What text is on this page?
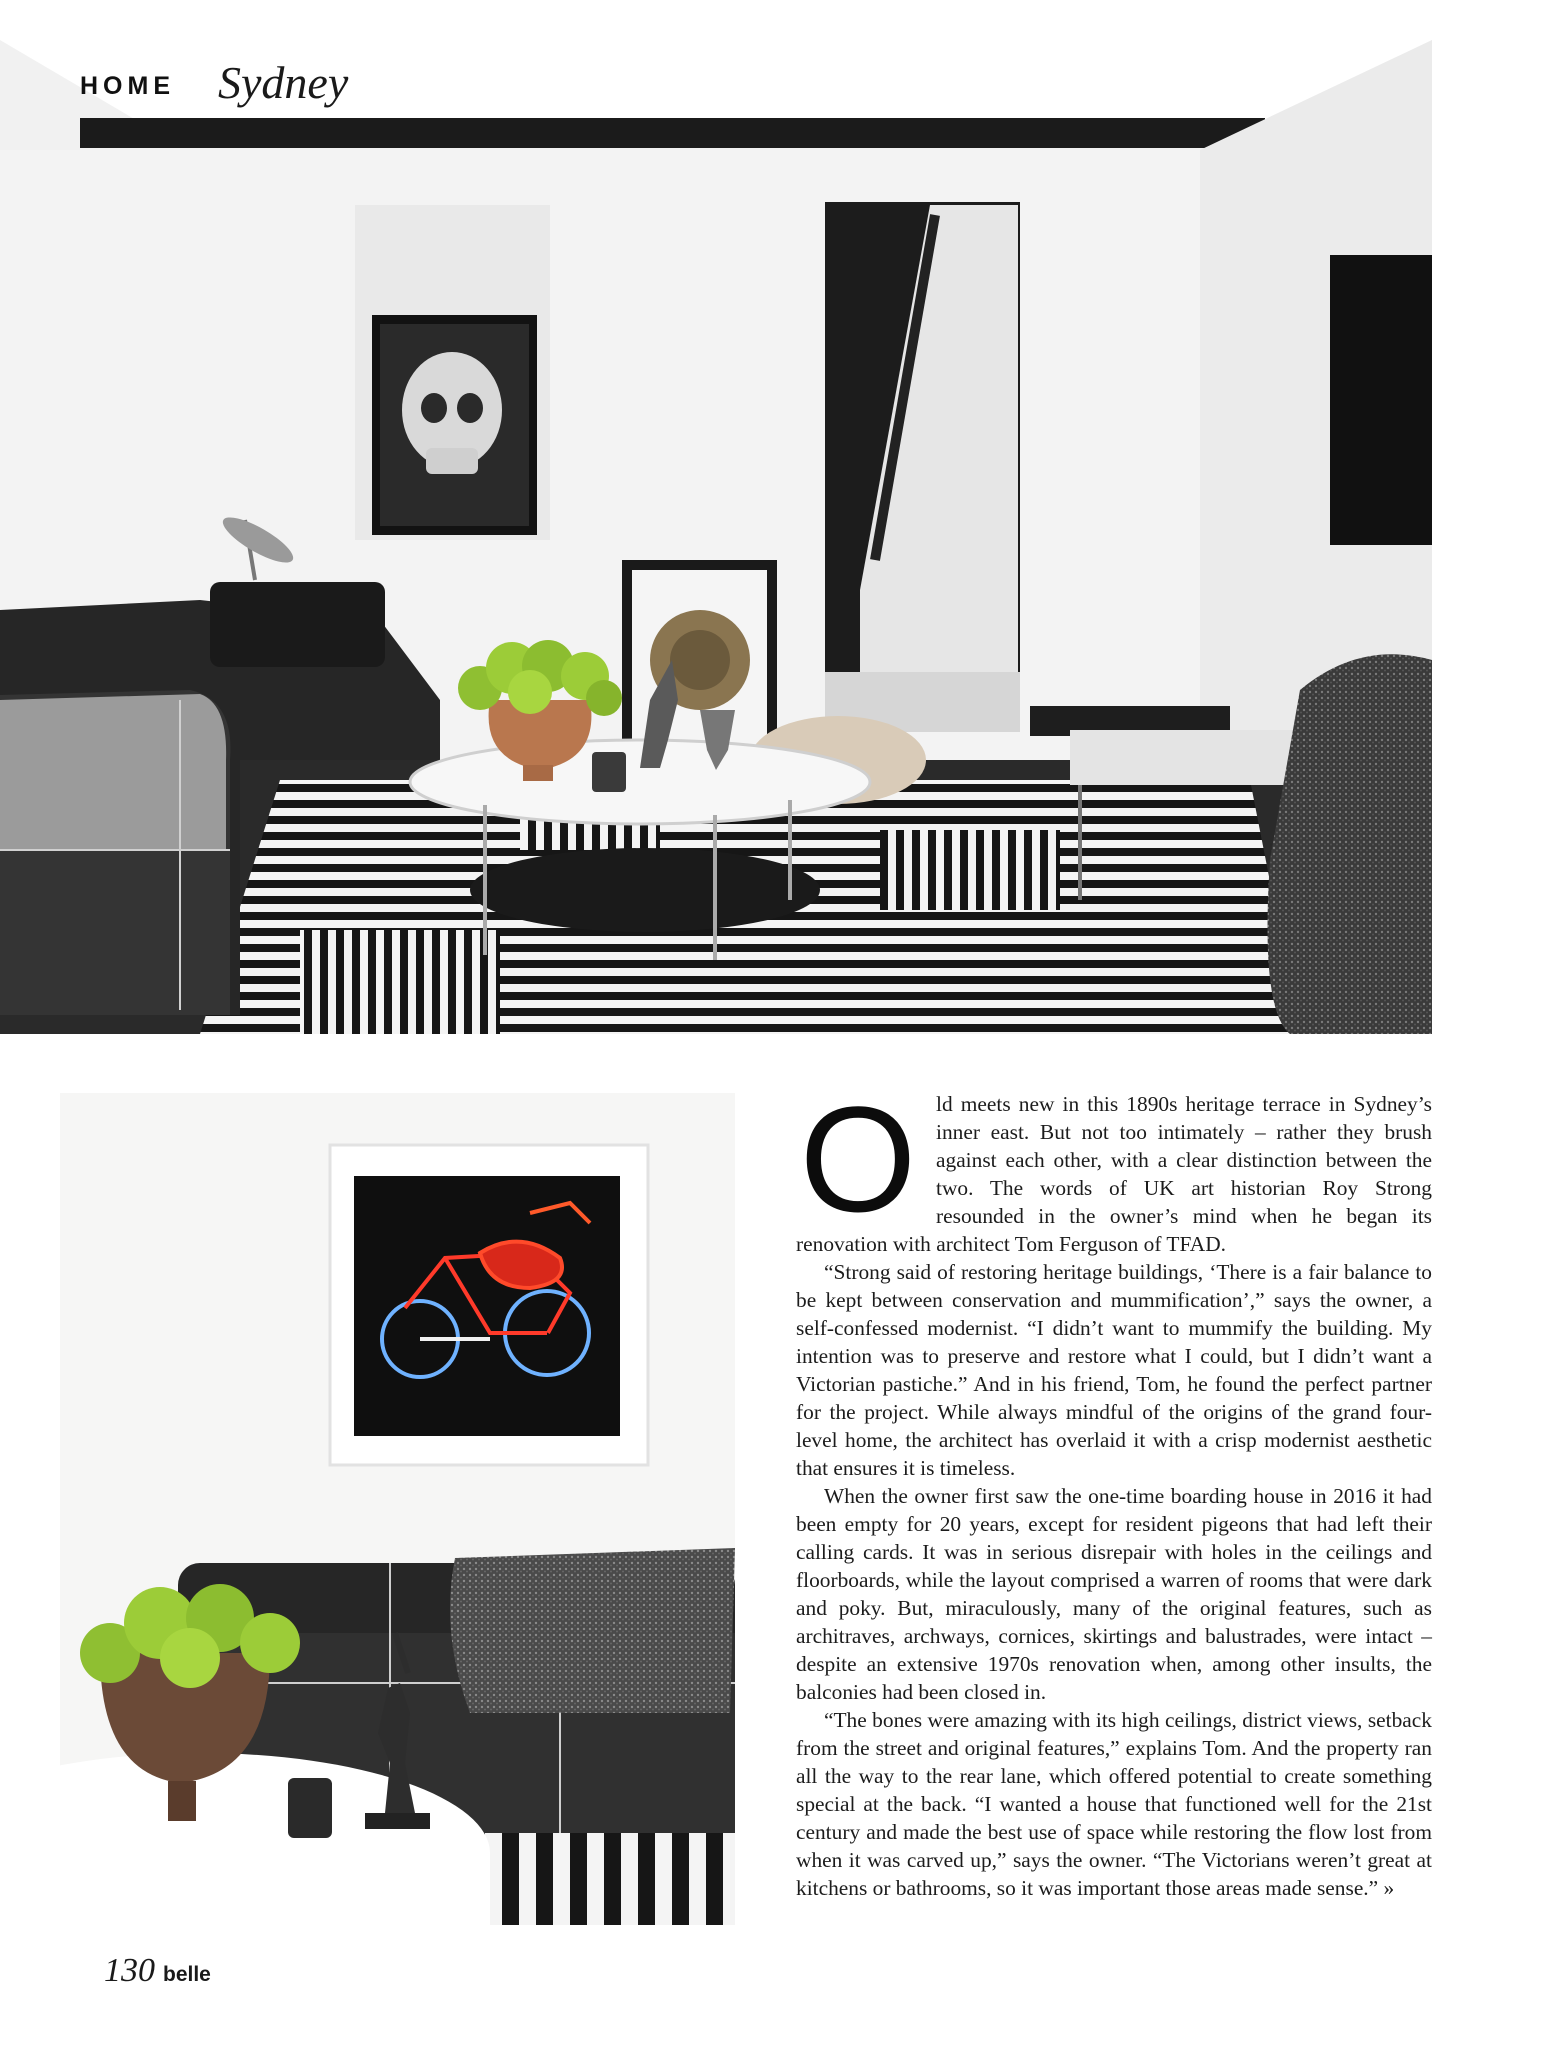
HOME Sydney

O ld meets new in this 1890s heritage terrace in Sydney’s inner east. But not too intimately – rather they brush against each other, with a clear distinction between the two. The words of UK art historian Roy Strong resounded in the owner’s mind when he began its renovation with architect Tom Ferguson of TFAD.

“Strong said of restoring heritage buildings, ‘There is a fair balance to be kept between conservation and mummification’,” says the owner, a self-confessed modernist. “I didn’t want to mummify the building. My intention was to preserve and restore what I could, but I didn’t want a Victorian pastiche.” And in his friend, Tom, he found the perfect partner for the project. While always mindful of the origins of the grand four-level home, the architect has overlaid it with a crisp modernist aesthetic that ensures it is timeless.

When the owner first saw the one-time boarding house in 2016 it had been empty for 20 years, except for resident pigeons that had left their calling cards. It was in serious disrepair with holes in the ceilings and floorboards, while the layout comprised a warren of rooms that were dark and poky. But, miraculously, many of the original features, such as architraves, archways, cornices, skirtings and balustrades, were intact – despite an extensive 1970s renovation when, among other insults, the balconies had been closed in.

“The bones were amazing with its high ceilings, district views, setback from the street and original features,” explains Tom. And the property ran all the way to the rear lane, which offered potential to create something special at the back. “I wanted a house that functioned well for the 21st century and made the best use of space while restoring the flow lost from when it was carved up,” says the owner. “The Victorians weren’t great at kitchens or bathrooms, so it was important those areas made sense.” »

130 belle
